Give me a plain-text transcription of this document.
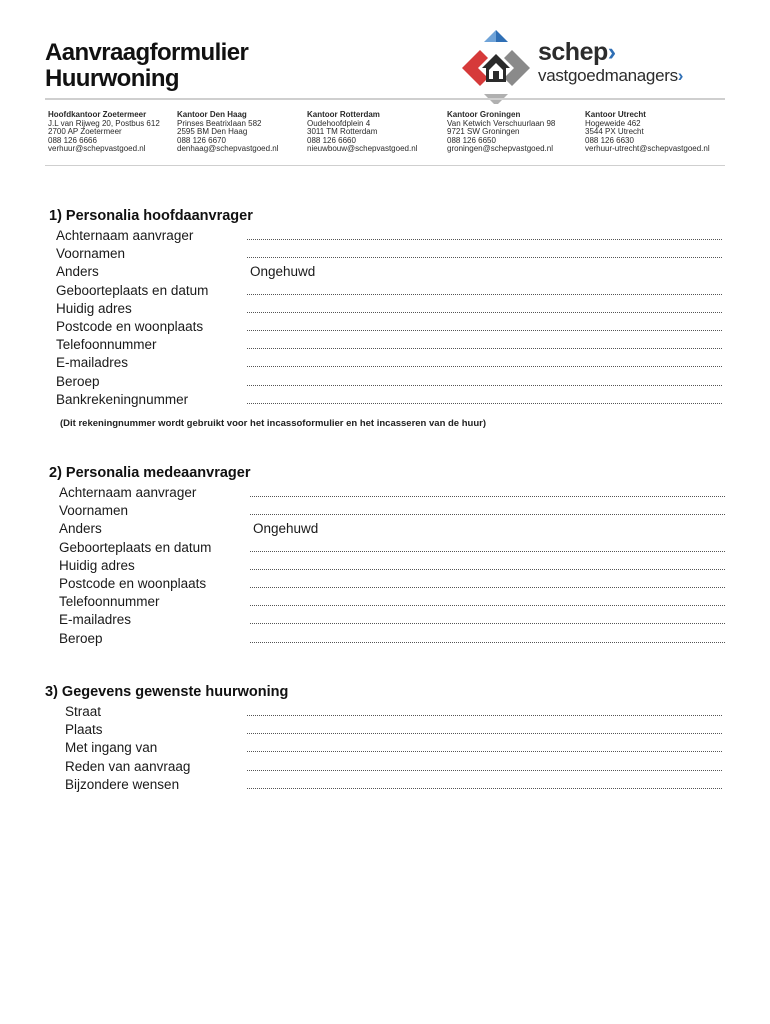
Aanvraagformulier
Huurwoning
schep›
vastgoedmanagers›
Hoofdkantoor Zoetermeer
J.L van Rijweg 20, Postbus 612
2700 AP Zoetermeer
088 126 6666
verhuur@schepvastgoed.nl
Kantoor Den Haag
Prinses Beatrixlaan 582
2595 BM Den Haag
088 126 6670
denhaag@schepvastgoed.nl
Kantoor Rotterdam
Oudehoofdplein 4
3011 TM Rotterdam
088 126 6660
nieuwbouw@schepvastgoed.nl
Kantoor Groningen
Van Ketwich Verschuurlaan 98
9721 SW Groningen
088 126 6650
groningen@schepvastgoed.nl
Kantoor Utrecht
Hogeweide 462
3544 PX Utrecht
088 126 6630
verhuur-utrecht@schepvastgoed.nl
1) Personalia hoofdaanvrager
Achternaam aanvrager
Voornamen
Anders	Ongehuwd
Geboorteplaats en datum
Huidig adres
Postcode en woonplaats
Telefoonnummer
E-mailadres
Beroep
Bankrekeningnummer
(Dit rekeningnummer wordt gebruikt voor het incassoformulier en het incasseren van de huur)
2) Personalia medeaanvrager
Achternaam aanvrager
Voornamen
Anders	Ongehuwd
Geboorteplaats en datum
Huidig adres
Postcode en woonplaats
Telefoonnummer
E-mailadres
Beroep
3) Gegevens gewenste huurwoning
Straat
Plaats
Met ingang van
Reden van aanvraag
Bijzondere wensen
